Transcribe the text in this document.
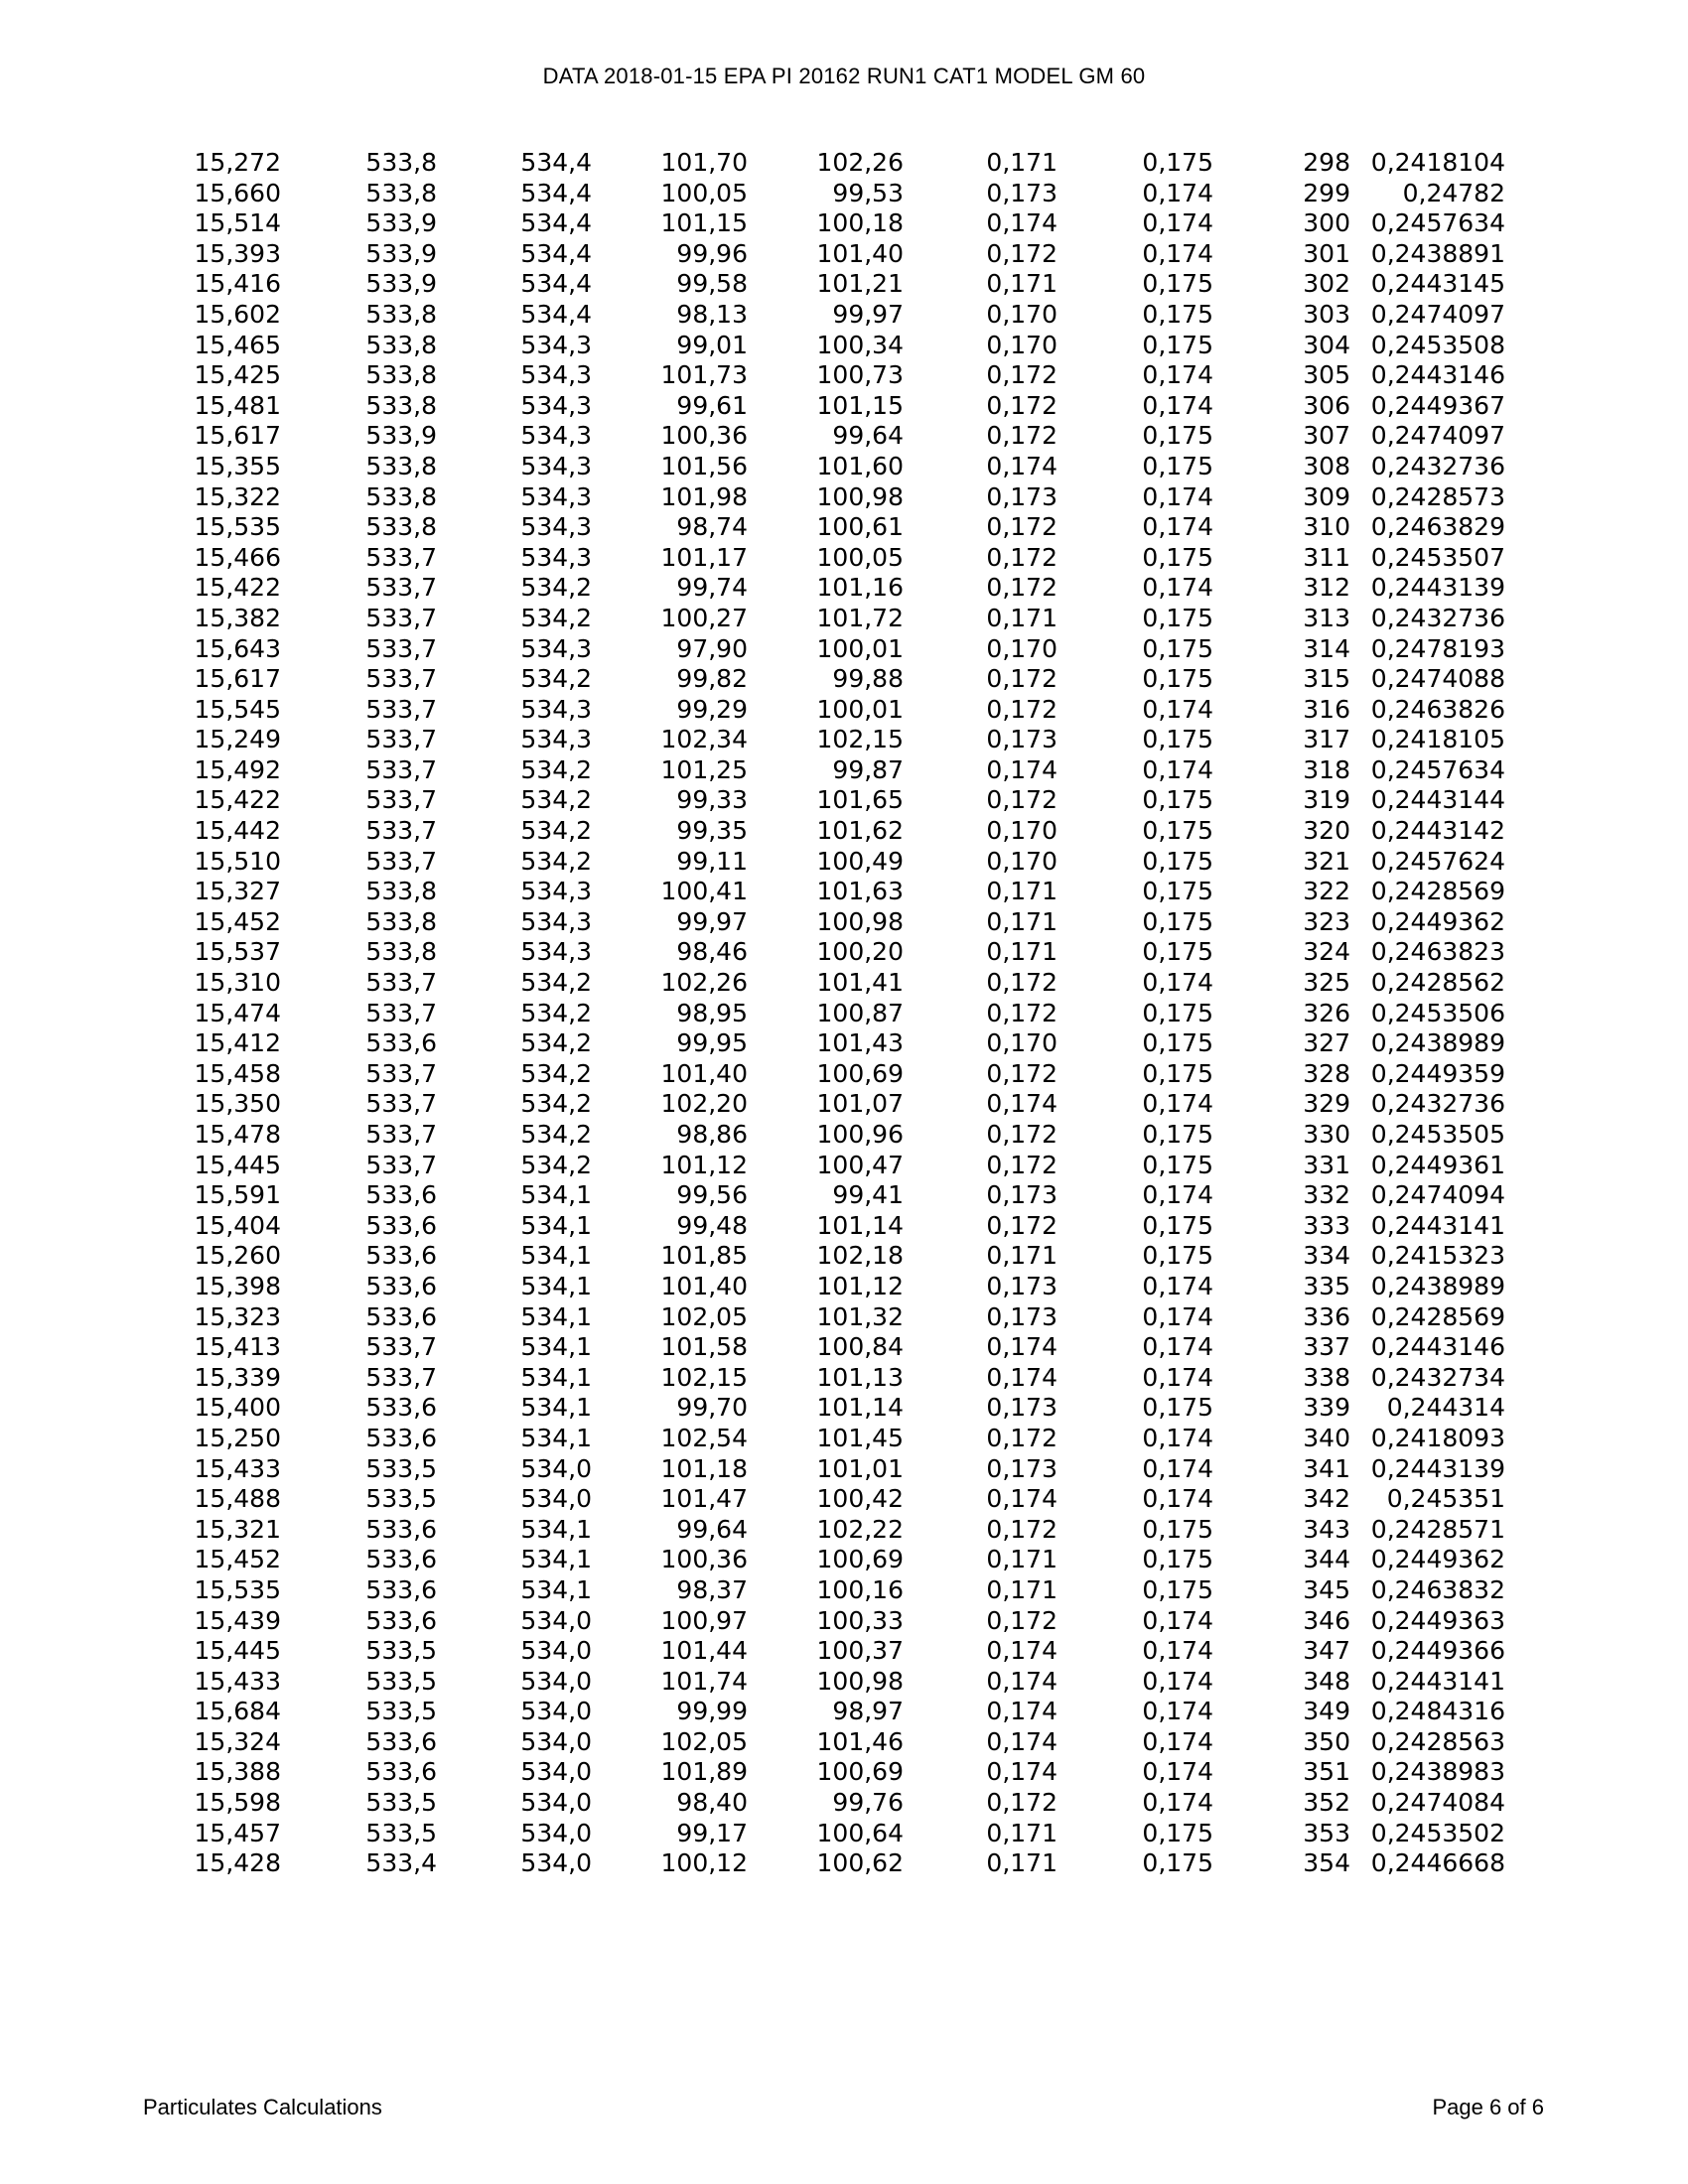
DATA 2018-01-15 EPA PI 20162 RUN1 CAT1 MODEL GM 60
15,272	533,8	534,4	101,70	102,26	0,171	0,175	298	0,2418104
15,660	533,8	534,4	100,05	99,53	0,173	0,174	299	0,24782
15,514	533,9	534,4	101,15	100,18	0,174	0,174	300	0,2457634
15,393	533,9	534,4	99,96	101,40	0,172	0,174	301	0,2438891
15,416	533,9	534,4	99,58	101,21	0,171	0,175	302	0,2443145
15,602	533,8	534,4	98,13	99,97	0,170	0,175	303	0,2474097
15,465	533,8	534,3	99,01	100,34	0,170	0,175	304	0,2453508
15,425	533,8	534,3	101,73	100,73	0,172	0,174	305	0,2443146
15,481	533,8	534,3	99,61	101,15	0,172	0,174	306	0,2449367
15,617	533,9	534,3	100,36	99,64	0,172	0,175	307	0,2474097
15,355	533,8	534,3	101,56	101,60	0,174	0,175	308	0,2432736
15,322	533,8	534,3	101,98	100,98	0,173	0,174	309	0,2428573
15,535	533,8	534,3	98,74	100,61	0,172	0,174	310	0,2463829
15,466	533,7	534,3	101,17	100,05	0,172	0,175	311	0,2453507
15,422	533,7	534,2	99,74	101,16	0,172	0,174	312	0,2443139
15,382	533,7	534,2	100,27	101,72	0,171	0,175	313	0,2432736
15,643	533,7	534,3	97,90	100,01	0,170	0,175	314	0,2478193
15,617	533,7	534,2	99,82	99,88	0,172	0,175	315	0,2474088
15,545	533,7	534,3	99,29	100,01	0,172	0,174	316	0,2463826
15,249	533,7	534,3	102,34	102,15	0,173	0,175	317	0,2418105
15,492	533,7	534,2	101,25	99,87	0,174	0,174	318	0,2457634
15,422	533,7	534,2	99,33	101,65	0,172	0,175	319	0,2443144
15,442	533,7	534,2	99,35	101,62	0,170	0,175	320	0,2443142
15,510	533,7	534,2	99,11	100,49	0,170	0,175	321	0,2457624
15,327	533,8	534,3	100,41	101,63	0,171	0,175	322	0,2428569
15,452	533,8	534,3	99,97	100,98	0,171	0,175	323	0,2449362
15,537	533,8	534,3	98,46	100,20	0,171	0,175	324	0,2463823
15,310	533,7	534,2	102,26	101,41	0,172	0,174	325	0,2428562
15,474	533,7	534,2	98,95	100,87	0,172	0,175	326	0,2453506
15,412	533,6	534,2	99,95	101,43	0,170	0,175	327	0,2438989
15,458	533,7	534,2	101,40	100,69	0,172	0,175	328	0,2449359
15,350	533,7	534,2	102,20	101,07	0,174	0,174	329	0,2432736
15,478	533,7	534,2	98,86	100,96	0,172	0,175	330	0,2453505
15,445	533,7	534,2	101,12	100,47	0,172	0,175	331	0,2449361
15,591	533,6	534,1	99,56	99,41	0,173	0,174	332	0,2474094
15,404	533,6	534,1	99,48	101,14	0,172	0,175	333	0,2443141
15,260	533,6	534,1	101,85	102,18	0,171	0,175	334	0,2415323
15,398	533,6	534,1	101,40	101,12	0,173	0,174	335	0,2438989
15,323	533,6	534,1	102,05	101,32	0,173	0,174	336	0,2428569
15,413	533,7	534,1	101,58	100,84	0,174	0,174	337	0,2443146
15,339	533,7	534,1	102,15	101,13	0,174	0,174	338	0,2432734
15,400	533,6	534,1	99,70	101,14	0,173	0,175	339	0,244314
15,250	533,6	534,1	102,54	101,45	0,172	0,174	340	0,2418093
15,433	533,5	534,0	101,18	101,01	0,173	0,174	341	0,2443139
15,488	533,5	534,0	101,47	100,42	0,174	0,174	342	0,245351
15,321	533,6	534,1	99,64	102,22	0,172	0,175	343	0,2428571
15,452	533,6	534,1	100,36	100,69	0,171	0,175	344	0,2449362
15,535	533,6	534,1	98,37	100,16	0,171	0,175	345	0,2463832
15,439	533,6	534,0	100,97	100,33	0,172	0,174	346	0,2449363
15,445	533,5	534,0	101,44	100,37	0,174	0,174	347	0,2449366
15,433	533,5	534,0	101,74	100,98	0,174	0,174	348	0,2443141
15,684	533,5	534,0	99,99	98,97	0,174	0,174	349	0,2484316
15,324	533,6	534,0	102,05	101,46	0,174	0,174	350	0,2428563
15,388	533,6	534,0	101,89	100,69	0,174	0,174	351	0,2438983
15,598	533,5	534,0	98,40	99,76	0,172	0,174	352	0,2474084
15,457	533,5	534,0	99,17	100,64	0,171	0,175	353	0,2453502
15,428	533,4	534,0	100,12	100,62	0,171	0,175	354	0,2446668
Particulates Calculations	Page 6 of 6
